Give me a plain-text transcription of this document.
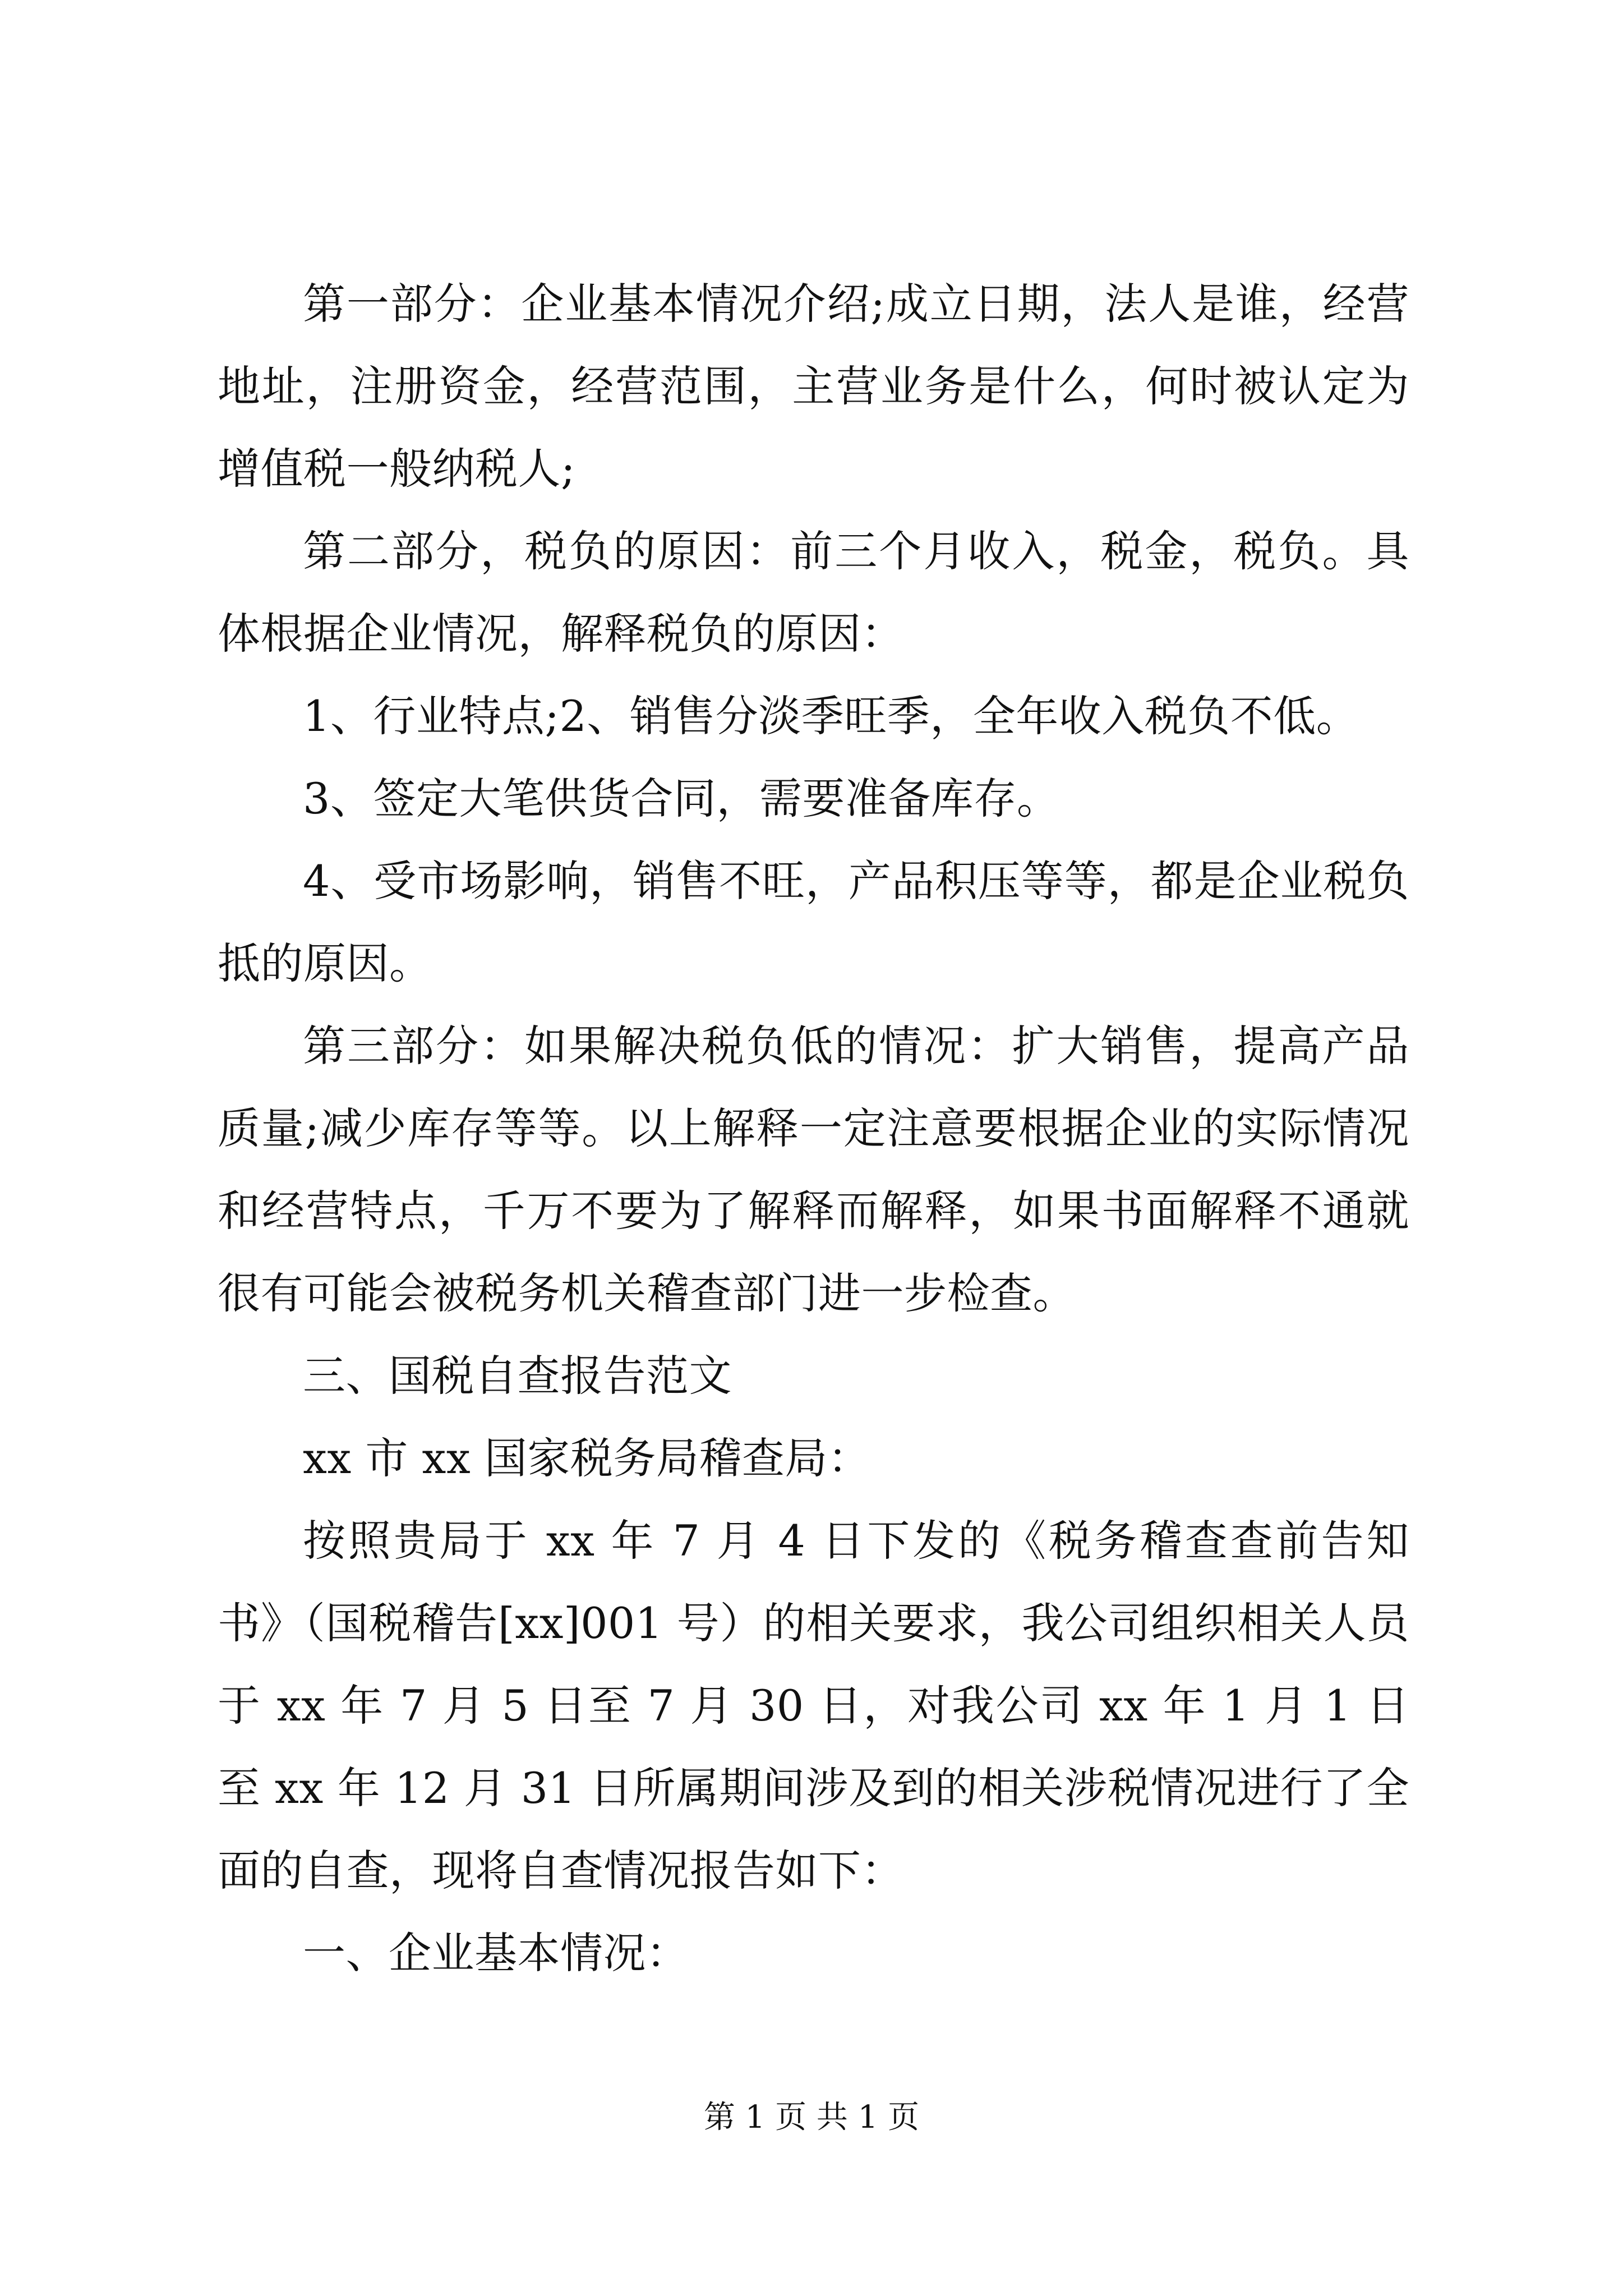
第一部分：企业基本情况介绍;成立日期，法人是谁，经营地址，注册资金，经营范围，主营业务是什么，何时被认定为增值税一般纳税人;

第二部分，税负的原因：前三个月收入，税金，税负。具体根据企业情况，解释税负的原因：

1、行业特点;2、销售分淡季旺季，全年收入税负不低。

3、签定大笔供货合同，需要准备库存。

4、受市场影响，销售不旺，产品积压等等，都是企业税负抵的原因。

第三部分：如果解决税负低的情况：扩大销售，提高产品质量;减少库存等等。以上解释一定注意要根据企业的实际情况和经营特点，千万不要为了解释而解释，如果书面解释不通就很有可能会被税务机关稽查部门进一步检查。

三、国税自查报告范文

xx 市 xx 国家税务局稽查局：

按照贵局于 xx 年 7 月 4 日下发的《税务稽查查前告知书》（国税稽告[xx]001 号）的相关要求，我公司组织相关人员于 xx 年 7 月 5 日至 7 月 30 日，对我公司 xx 年 1 月 1 日至 xx 年 12 月 31 日所属期间涉及到的相关涉税情况进行了全面的自查，现将自查情况报告如下：

一、企业基本情况：

第 1 页 共 1 页
